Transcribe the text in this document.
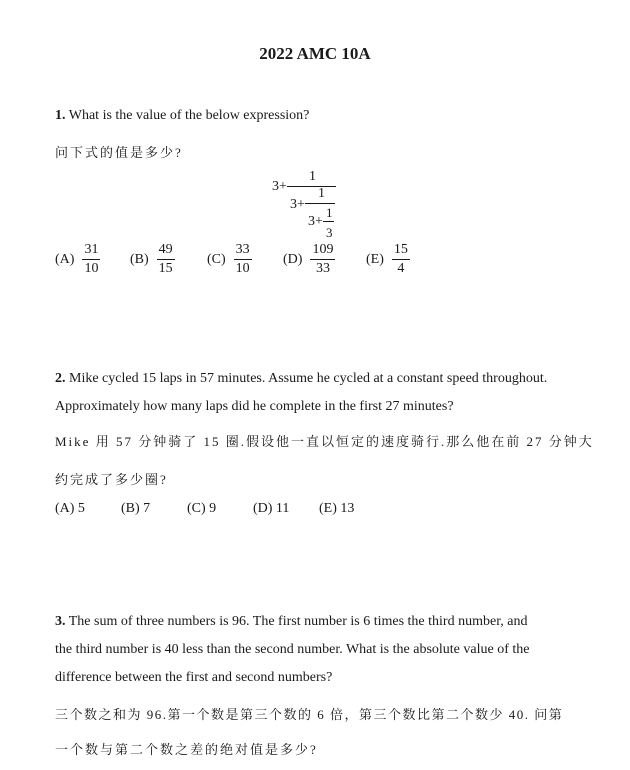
2022 AMC 10A
1. What is the value of the below expression?
问下式的值是多少?
3+
1
3+
1
3+
1
3
$(A) \frac{31}{10} (B) \frac{49}{15} (C) \frac{33}{10} (D) \frac{109}{33} (E) \frac{15}{4}$
2. Mike cycled 15 laps in 57 minutes. Assume he cycled at a constant speed throughout.
Approximately how many laps did he complete in the first 27 minutes?
Mike 用 57 分钟骑了 15 圈.假设他一直以恒定的速度骑行.那么他在前 27 分钟大
约完成了多少圈?
(A) 5	(B) 7	(C) 9	(D) 11 (E) 13
3. The sum of three numbers is 96. The first number is 6 times the third number, and
the third number is 40 less than the second number. What is the absolute value of the
difference between the first and second numbers?
三个数之和为 96.第一个数是第三个数的 6 倍，第三个数比第二个数少 40. 问第
一个数与第二个数之差的绝对值是多少?
